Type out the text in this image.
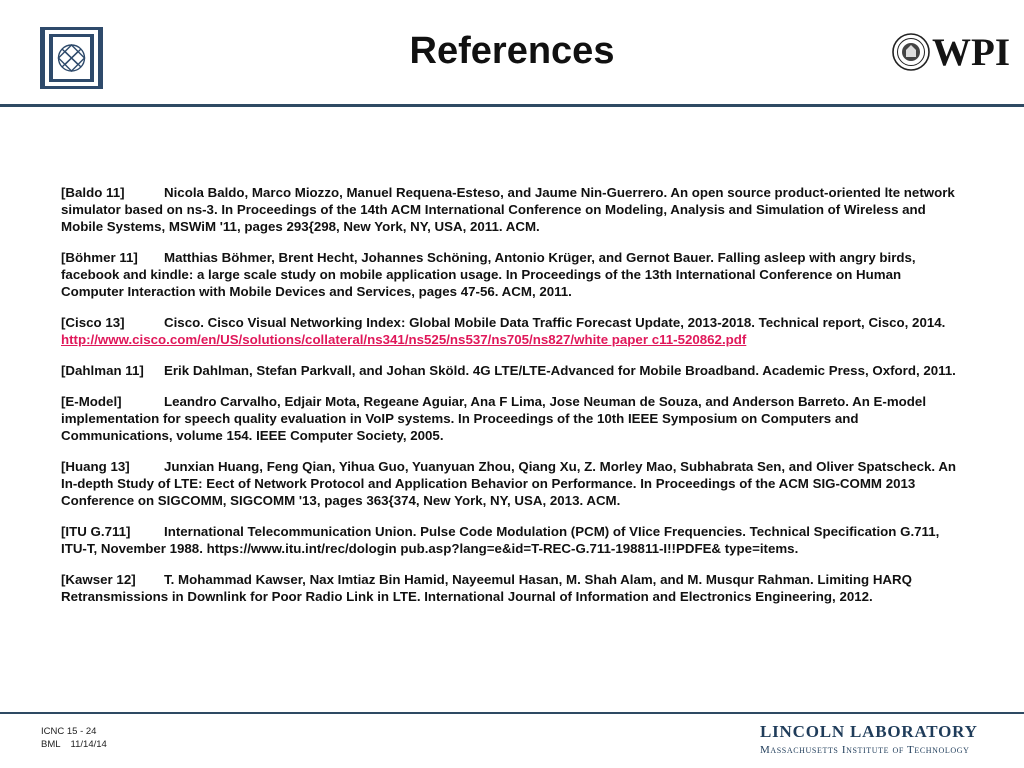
References	WPI

[Baldo 11]	Nicola Baldo, Marco Miozzo, Manuel Requena-Esteso, and Jaume Nin-Guerrero. An open source product-oriented lte network simulator based on ns-3. In Proceedings of the 14th ACM International Conference on Modeling, Analysis and Simulation of Wireless and Mobile Systems, MSWiM '11, pages 293{298, New York, NY, USA, 2011. ACM.

[Böhmer 11] Matthias Böhmer, Brent Hecht, Johannes Schöning, Antonio Krüger, and Gernot Bauer. Falling asleep with angry birds, facebook and kindle: a large scale study on mobile application usage. In Proceedings of the 13th International Conference on Human Computer Interaction with Mobile Devices and Services, pages 47-56. ACM, 2011.

[Cisco 13]	Cisco. Cisco Visual Networking Index: Global Mobile Data Traffic Forecast Update, 2013-2018. Technical report, Cisco, 2014. http://www.cisco.com/en/US/solutions/collateral/ns341/ns525/ns537/ns705/ns827/white paper c11-520862.pdf

[Dahlman 11] Erik Dahlman, Stefan Parkvall, and Johan Sköld. 4G LTE/LTE-Advanced for Mobile Broadband. Academic Press, Oxford, 2011.

[E-Model]	Leandro Carvalho, Edjair Mota, Regeane Aguiar, Ana F Lima, Jose Neuman de Souza, and Anderson Barreto. An E-model implementation for speech quality evaluation in VoIP systems. In Proceedings of the 10th IEEE Symposium on Computers and Communications, volume 154. IEEE Computer Society, 2005.

[Huang 13]	Junxian Huang, Feng Qian, Yihua Guo, Yuanyuan Zhou, Qiang Xu, Z. Morley Mao, Subhabrata Sen, and Oliver Spatscheck. An In-depth Study of LTE: Eect of Network Protocol and Application Behavior on Performance. In Proceedings of the ACM SIG-COMM 2013 Conference on SIGCOMM, SIGCOMM '13, pages 363{374, New York, NY, USA, 2013. ACM.

[ITU G.711]	International Telecommunication Union. Pulse Code Modulation (PCM) of VIice Frequencies. Technical Specification G.711, ITU-T, November 1988. https://www.itu.int/rec/dologin pub.asp?lang=e&id=T-REC-G.711-198811-I!!PDFE& type=items.

[Kawser 12] T. Mohammad Kawser, Nax Imtiaz Bin Hamid, Nayeemul Hasan, M. Shah Alam, and M. Musqur Rahman. Limiting HARQ Retransmissions in Downlink for Poor Radio Link in LTE. International Journal of Information and Electronics Engineering, 2012.

ICNC 15 - 24
BML 11/14/14
LINCOLN LABORATORY
Massachusetts Institute of Technology
